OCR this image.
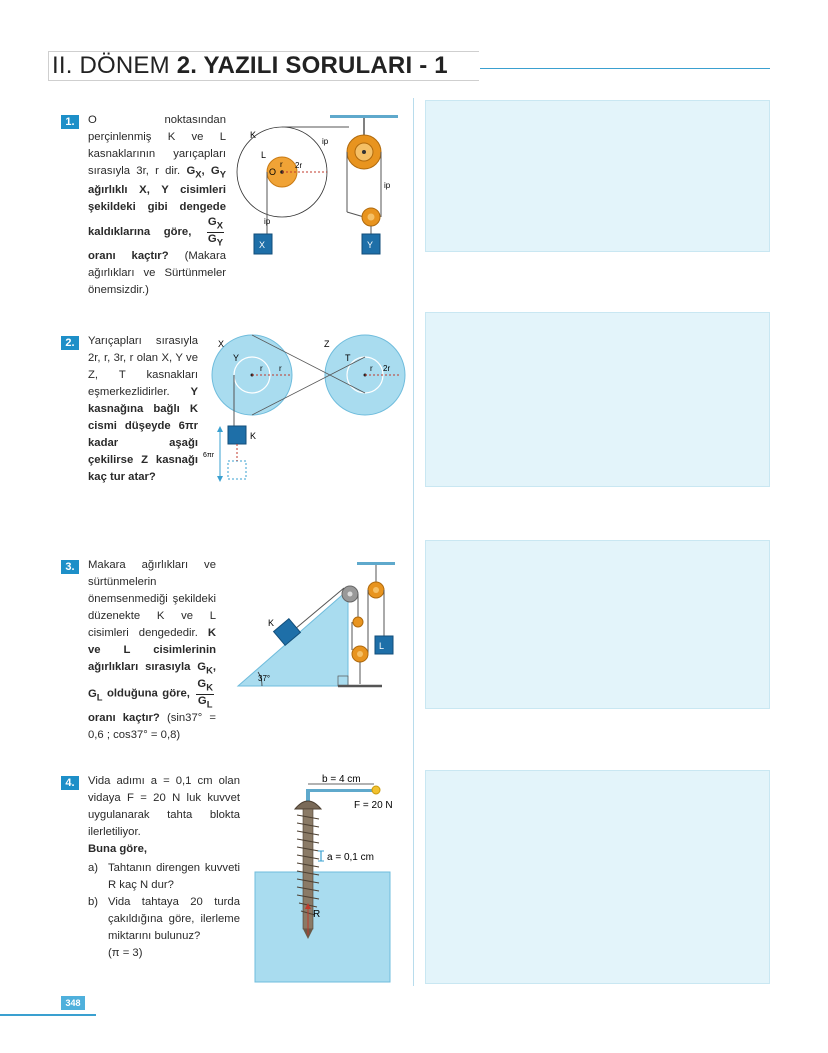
II. DÖNEM 2. YAZILI SORULARI - 1
1.	O noktasından perçinlenmiş K ve L kasnaklarının yarıçapları sırasıyla 3r, r dir. $G_X$, $G_Y$ ağırlıklı X, Y cisimleri şekildeki gibi dengede kaldıklarına göre, $\frac{G_X}{G_Y}$
oranı kaçtır? (Makara ağırlıkları ve Sürtünmeler önemsizdir.)
K
L
O
r 2r
ip
ip
ip
X	Y
2.	Yarıçapları sırasıyla 2r, r, 3r, r olan X, Y ve Z, T kasnakları eşmerkezlidirler. Y kasnağına bağlı K cismi düşeyde 6πr kadar aşağı çekilirse Z kasnağı kaç tur atar?
X
Y
Z
T
r r	r 2r
K
6πr
3.	Makara ağırlıkları ve sürtünmelerin önemsenmediği şekildeki düzenekte K ve L cisimleri dengededir. K ve L cisimlerinin ağırlıkları sırasıyla $G_K$, $G_L$ olduğuna göre, $\frac{G_K}{G_L}$
oranı kaçtır? (sin37° = 0,6 ; cos37° = 0,8)
K
L
37°
4.	Vida adımı a = 0,1 cm olan vidaya F = 20 N luk kuvvet uygulanarak tahta blokta ilerletiliyor.
Buna göre,
a) Tahtanın direngen kuvveti R kaç N dur?
b) Vida tahtaya 20 turda çakıldığına göre, ilerleme miktarını bulunuz?
(π = 3)
b = 4 cm
F = 20 N
a = 0,1 cm
R
348
